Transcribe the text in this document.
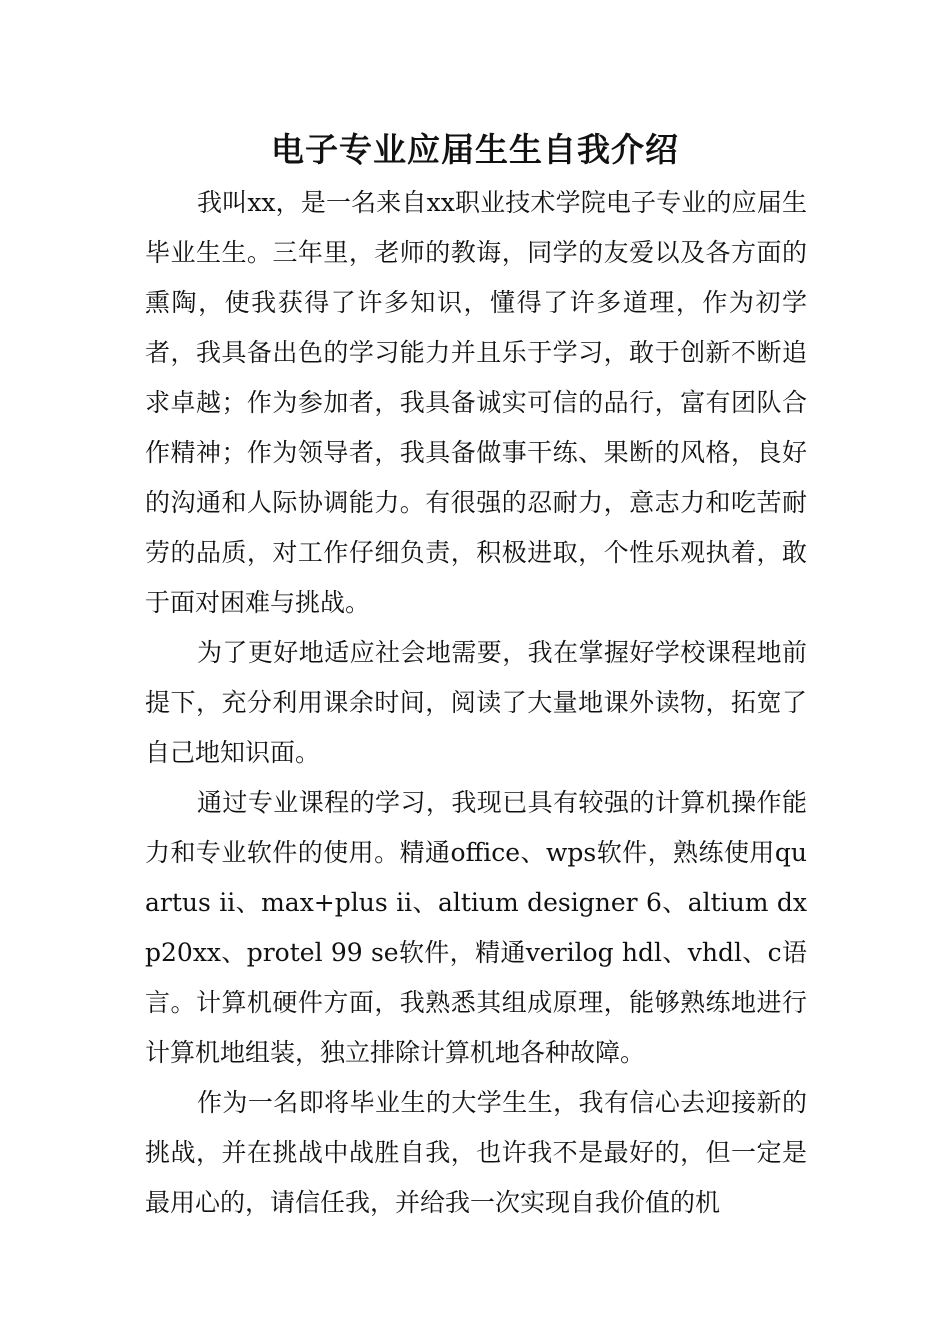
电子专业应届生生自我介绍

我叫xx，是一名来自xx职业技术学院电子专业的应届生毕业生生。三年里，老师的教诲，同学的友爱以及各方面的熏陶，使我获得了许多知识，懂得了许多道理，作为初学者，我具备出色的学习能力并且乐于学习，敢于创新不断追求卓越；作为参加者，我具备诚实可信的品行，富有团队合作精神；作为领导者，我具备做事干练、果断的风格，良好的沟通和人际协调能力。有很强的忍耐力，意志力和吃苦耐劳的品质，对工作仔细负责，积极进取，个性乐观执着，敢于面对困难与挑战。

为了更好地适应社会地需要，我在掌握好学校课程地前提下，充分利用课余时间，阅读了大量地课外读物，拓宽了自己地知识面。

通过专业课程的学习，我现已具有较强的计算机操作能力和专业软件的使用。精通office、wps软件，熟练使用quartus ii、max+plus ii、altium designer 6、altium dxp20xx、protel 99 se软件，精通verilog hdl、vhdl、c语言。计算机硬件方面，我熟悉其组成原理，能够熟练地进行计算机地组装，独立排除计算机地各种故障。

作为一名即将毕业生的大学生生，我有信心去迎接新的挑战，并在挑战中战胜自我，也许我不是最好的，但一定是最用心的，请信任我，并给我一次实现自我价值的机
